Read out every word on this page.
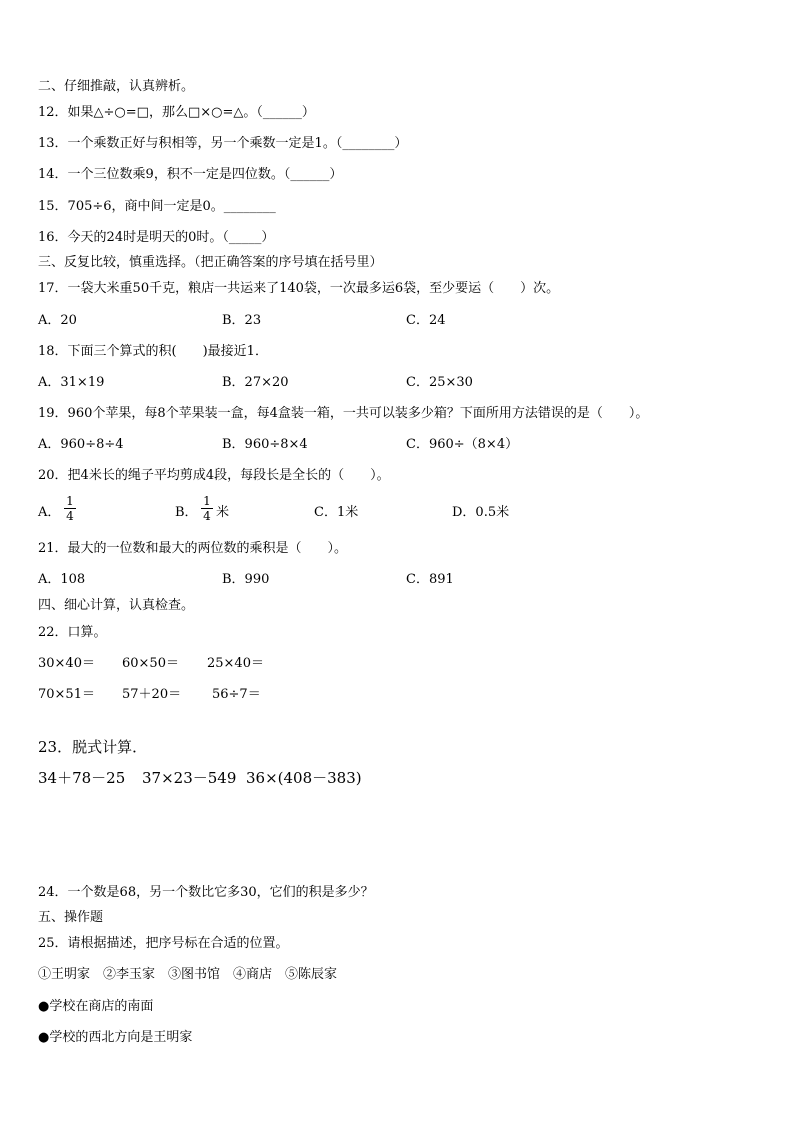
二、仔细推敲，认真辨析。
12．如果△÷○=□，那么□×○=△。（______）
13．一个乘数正好与积相等，另一个乘数一定是1。（________）
14．一个三位数乘9，积不一定是四位数。（______）
15．705÷6，商中间一定是0。________
16．今天的24时是明天的0时。（_____）
三、反复比较，慎重选择。（把正确答案的序号填在括号里）
17．一袋大米重50千克，粮店一共运来了140袋，一次最多运6袋，至少要运（　　）次。
A．20	B．23	C．24
18．下面三个算式的积(　　)最接近1．
A．31×19	B．27×20	C．25×30
19．960个苹果，每8个苹果装一盒，每4盒装一箱，一共可以装多少箱？下面所用方法错误的是（　　）。
A．960÷8÷4	B．960÷8×4	C．960÷（8×4）
20．把4米长的绳子平均剪成4段，每段长是全长的（　　）。
A．
1
4	B．
1
4 米	C．1米	D．0.5米
21．最大的一位数和最大的两位数的乘积是（　　）。
A．108	B．990	C．891
四、细心计算，认真检查。
22．口算。
30×40＝ 60×50＝ 25×40＝
70×51＝ 57＋20＝ 56÷7＝
23．脱式计算．
34＋78－25 37×23－549 36×(408－383)
24．一个数是68，另一个数比它多30，它们的积是多少？
五、操作题
25．请根据描述，把序号标在合适的位置。
①王明家　②李玉家　③图书馆　④商店　⑤陈辰家
●学校在商店的南面
●学校的西北方向是王明家
